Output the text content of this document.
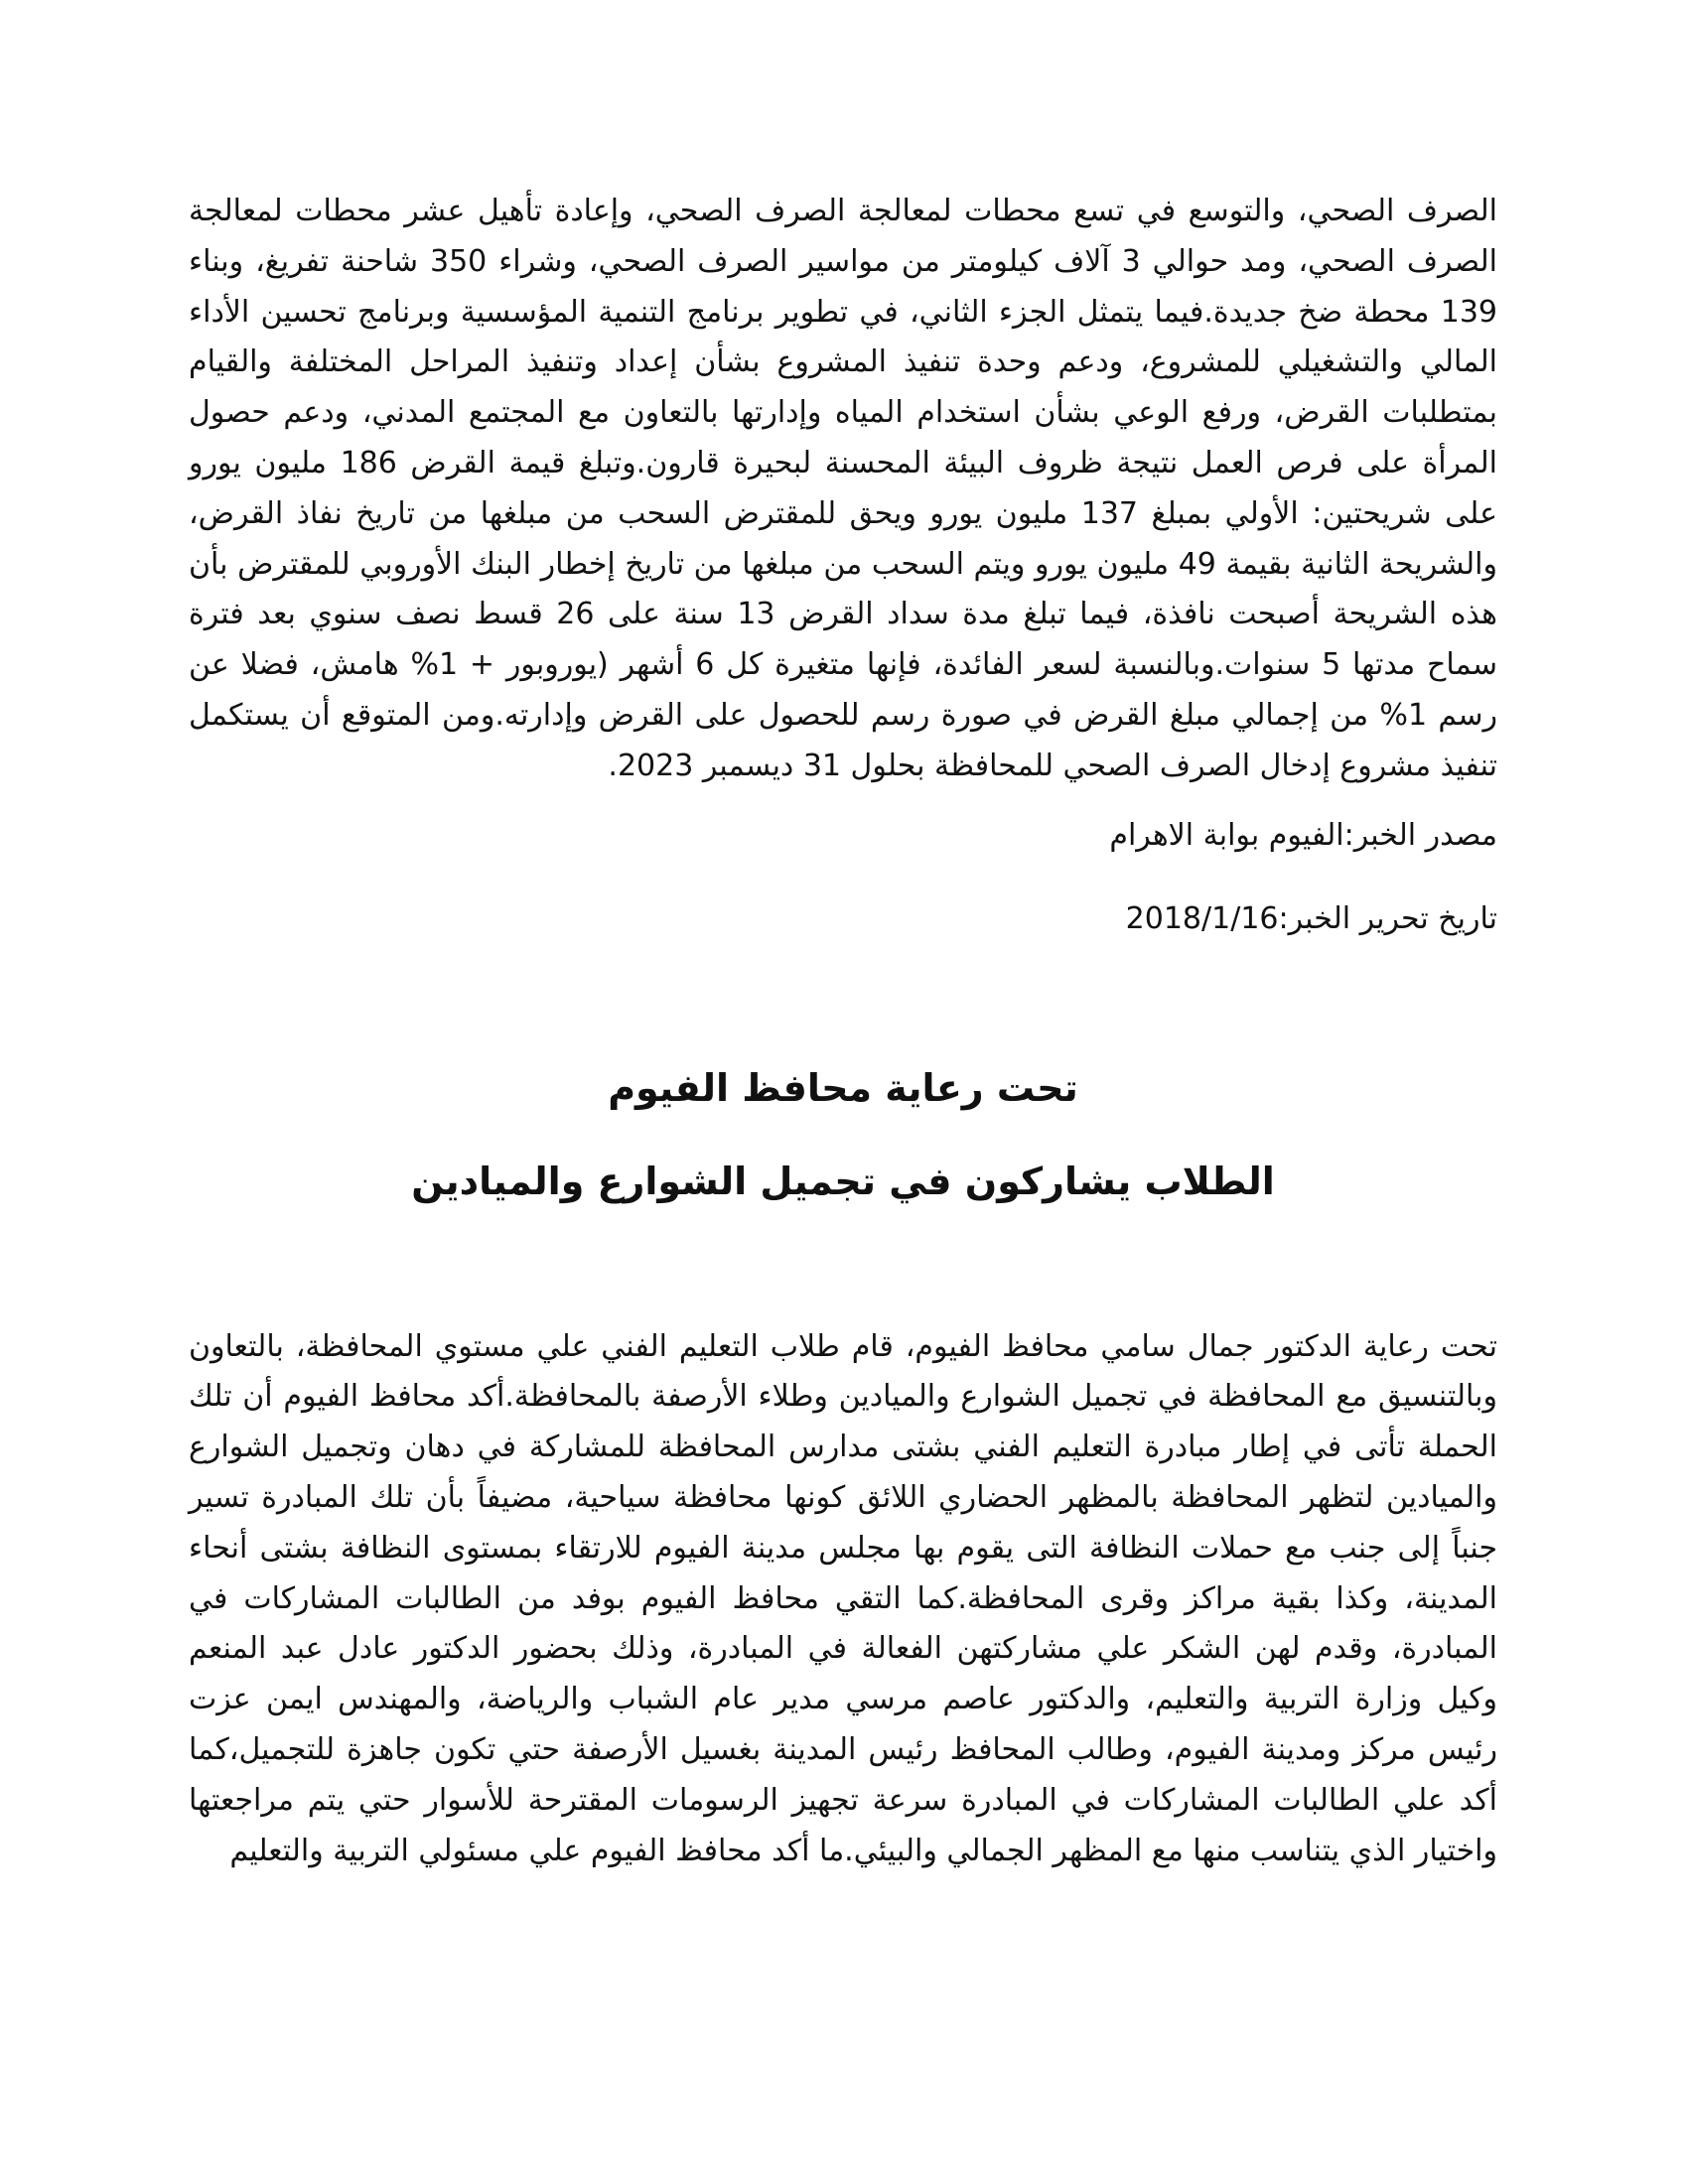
الصرف الصحي، والتوسع في تسع محطات لمعالجة الصرف الصحي، وإعادة تأهيل عشر محطات لمعالجة الصرف الصحي، ومد حوالي 3 آلاف كيلومتر من مواسير الصرف الصحي، وشراء 350 شاحنة تفريغ، وبناء 139 محطة ضخ جديدة.فيما يتمثل الجزء الثاني، في تطوير برنامج التنمية المؤسسية وبرنامج تحسين الأداء المالي والتشغيلي للمشروع، ودعم وحدة تنفيذ المشروع بشأن إعداد وتنفيذ المراحل المختلفة والقيام بمتطلبات القرض، ورفع الوعي بشأن استخدام المياه وإدارتها بالتعاون مع المجتمع المدني، ودعم حصول المرأة على فرص العمل نتيجة ظروف البيئة المحسنة لبحيرة قارون.وتبلغ قيمة القرض 186 مليون يورو على شريحتين: الأولي بمبلغ 137 مليون يورو ويحق للمقترض السحب من مبلغها من تاريخ نفاذ القرض، والشريحة الثانية بقيمة 49 مليون يورو ويتم السحب من مبلغها من تاريخ إخطار البنك الأوروبي للمقترض بأن هذه الشريحة أصبحت نافذة، فيما تبلغ مدة سداد القرض 13 سنة على 26 قسط نصف سنوي بعد فترة سماح مدتها 5 سنوات.وبالنسبة لسعر الفائدة، فإنها متغيرة كل 6 أشهر (يوروبور + 1% هامش، فضلا عن رسم 1% من إجمالي مبلغ القرض في صورة رسم للحصول على القرض وإدارته.ومن المتوقع أن يستكمل تنفيذ مشروع إدخال الصرف الصحي للمحافظة بحلول 31 ديسمبر 2023.

مصدر الخبر:الفيوم بوابة الاهرام

تاريخ تحرير الخبر:2018/1/16

تحت رعاية محافظ الفيوم
الطلاب يشاركون في تجميل الشوارع والميادين

تحت رعاية الدكتور جمال سامي محافظ الفيوم، قام طلاب التعليم الفني علي مستوي المحافظة، بالتعاون وبالتنسيق مع المحافظة في تجميل الشوارع والميادين وطلاء الأرصفة بالمحافظة.أكد محافظ الفيوم أن تلك الحملة تأتى في إطار مبادرة التعليم الفني بشتى مدارس المحافظة للمشاركة في دهان وتجميل الشوارع والميادين لتظهر المحافظة بالمظهر الحضاري اللائق كونها محافظة سياحية، مضيفاً بأن تلك المبادرة تسير جنباً إلى جنب مع حملات النظافة التى يقوم بها مجلس مدينة الفيوم للارتقاء بمستوى النظافة بشتى أنحاء المدينة، وكذا بقية مراكز وقرى المحافظة.كما التقي محافظ الفيوم بوفد من الطالبات المشاركات في المبادرة، وقدم لهن الشكر علي مشاركتهن الفعالة في المبادرة، وذلك بحضور الدكتور عادل عبد المنعم وكيل وزارة التربية والتعليم، والدكتور عاصم مرسي مدير عام الشباب والرياضة، والمهندس ايمن عزت رئيس مركز ومدينة الفيوم، وطالب المحافظ رئيس المدينة بغسيل الأرصفة حتي تكون جاهزة للتجميل،كما أكد علي الطالبات المشاركات في المبادرة سرعة تجهيز الرسومات المقترحة للأسوار حتي يتم مراجعتها واختيار الذي يتناسب منها مع المظهر الجمالي والبيئي.ما أكد محافظ الفيوم علي مسئولي التربية والتعليم
